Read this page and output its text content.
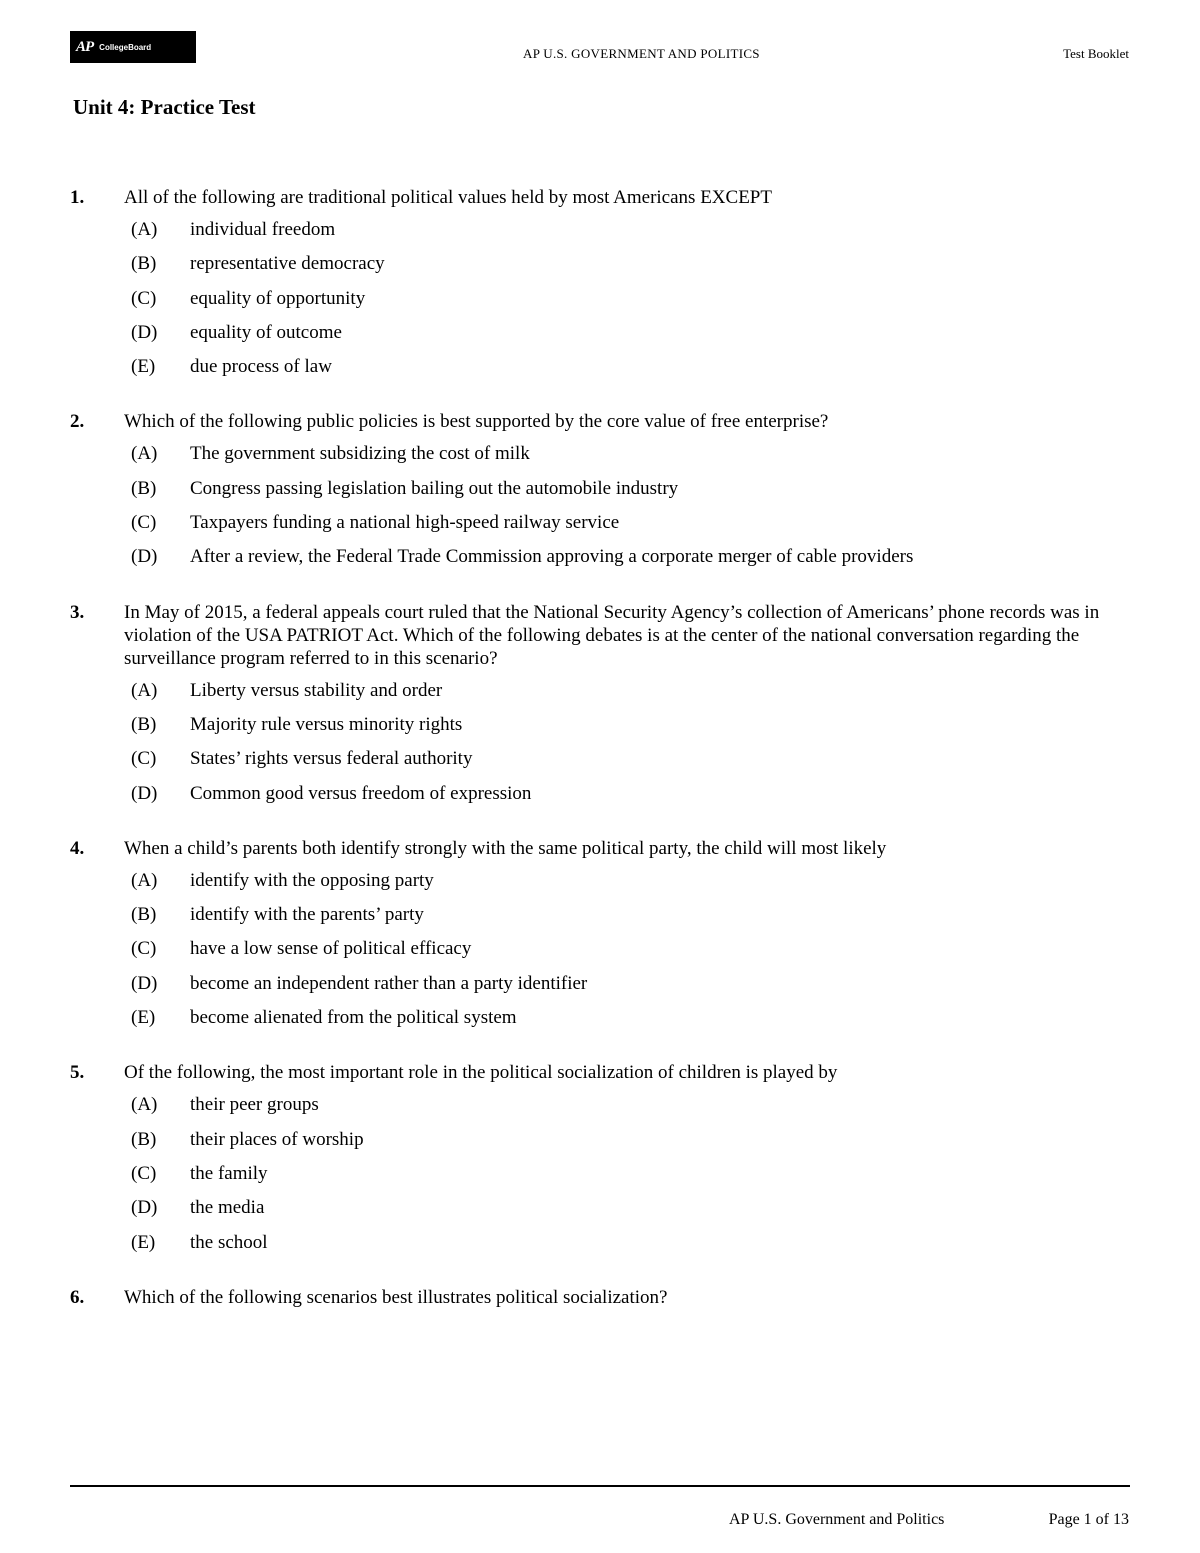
AP CollegeBoard	AP U.S. GOVERNMENT AND POLITICS	Test Booklet
Unit 4: Practice Test
1.	All of the following are traditional political values held by most Americans EXCEPT
(A)	individual freedom
(B)	representative democracy
(C)	equality of opportunity
(D)	equality of outcome
(E)	due process of law
2.	Which of the following public policies is best supported by the core value of free enterprise?
(A)	The government subsidizing the cost of milk
(B)	Congress passing legislation bailing out the automobile industry
(C)	Taxpayers funding a national high-speed railway service
(D)	After a review, the Federal Trade Commission approving a corporate merger of cable providers
3.	In May of 2015, a federal appeals court ruled that the National Security Agency’s collection of Americans’ phone records was in violation of the USA PATRIOT Act. Which of the following debates is at the center of the national conversation regarding the surveillance program referred to in this scenario?
(A)	Liberty versus stability and order
(B)	Majority rule versus minority rights
(C)	States’ rights versus federal authority
(D)	Common good versus freedom of expression
4.	When a child’s parents both identify strongly with the same political party, the child will most likely
(A)	identify with the opposing party
(B)	identify with the parents’ party
(C)	have a low sense of political efficacy
(D)	become an independent rather than a party identifier
(E)	become alienated from the political system
5.	Of the following, the most important role in the political socialization of children is played by
(A)	their peer groups
(B)	their places of worship
(C)	the family
(D)	the media
(E)	the school
6.	Which of the following scenarios best illustrates political socialization?
AP U.S. Government and Politics	Page 1 of 13
